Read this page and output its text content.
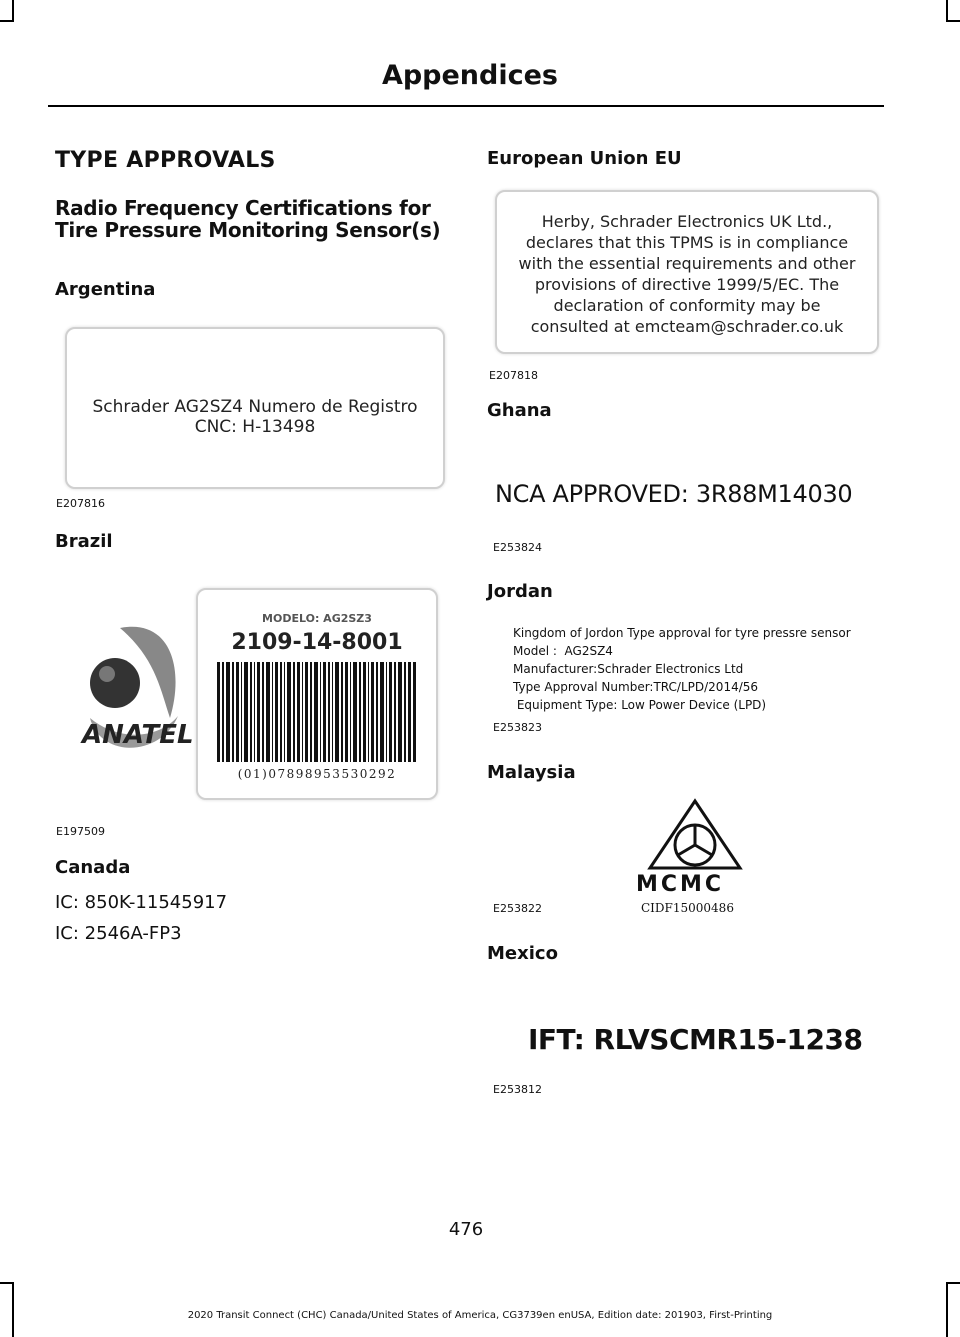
Appendices
TYPE APPROVALS
Radio Frequency Certifications for Tire Pressure Monitoring Sensor(s)
Argentina
Schrader AG2SZ4 Numero de Registro
CNC: H-13498
E207816
Brazil
ANATEL
MODELO: AG2SZ3
2109-14-8001
(01)07898953530292
E197509
Canada
IC: 850K-11545917
IC: 2546A-FP3
European Union EU
Herby, Schrader Electronics UK Ltd.,
declares that this TPMS is in compliance
with the essential requirements and other
provisions of directive 1999/5/EC. The
declaration of conformity may be
consulted at emcteam@schrader.co.uk
E207818
Ghana
NCA APPROVED: 3R88M14030
E253824
Jordan
Kingdom of Jordon Type approval for tyre pressre sensor
Model :  AG2SZ4
Manufacturer:Schrader Electronics Ltd
Type Approval Number:TRC/LPD/2014/56
Equipment Type: Low Power Device (LPD)
E253823
Malaysia
MCMC
CIDF15000486
E253822
Mexico
IFT: RLVSCMR15-1238
E253812
476
2020 Transit Connect (CHC) Canada/United States of America, CG3739en enUSA, Edition date: 201903, First-Printing
